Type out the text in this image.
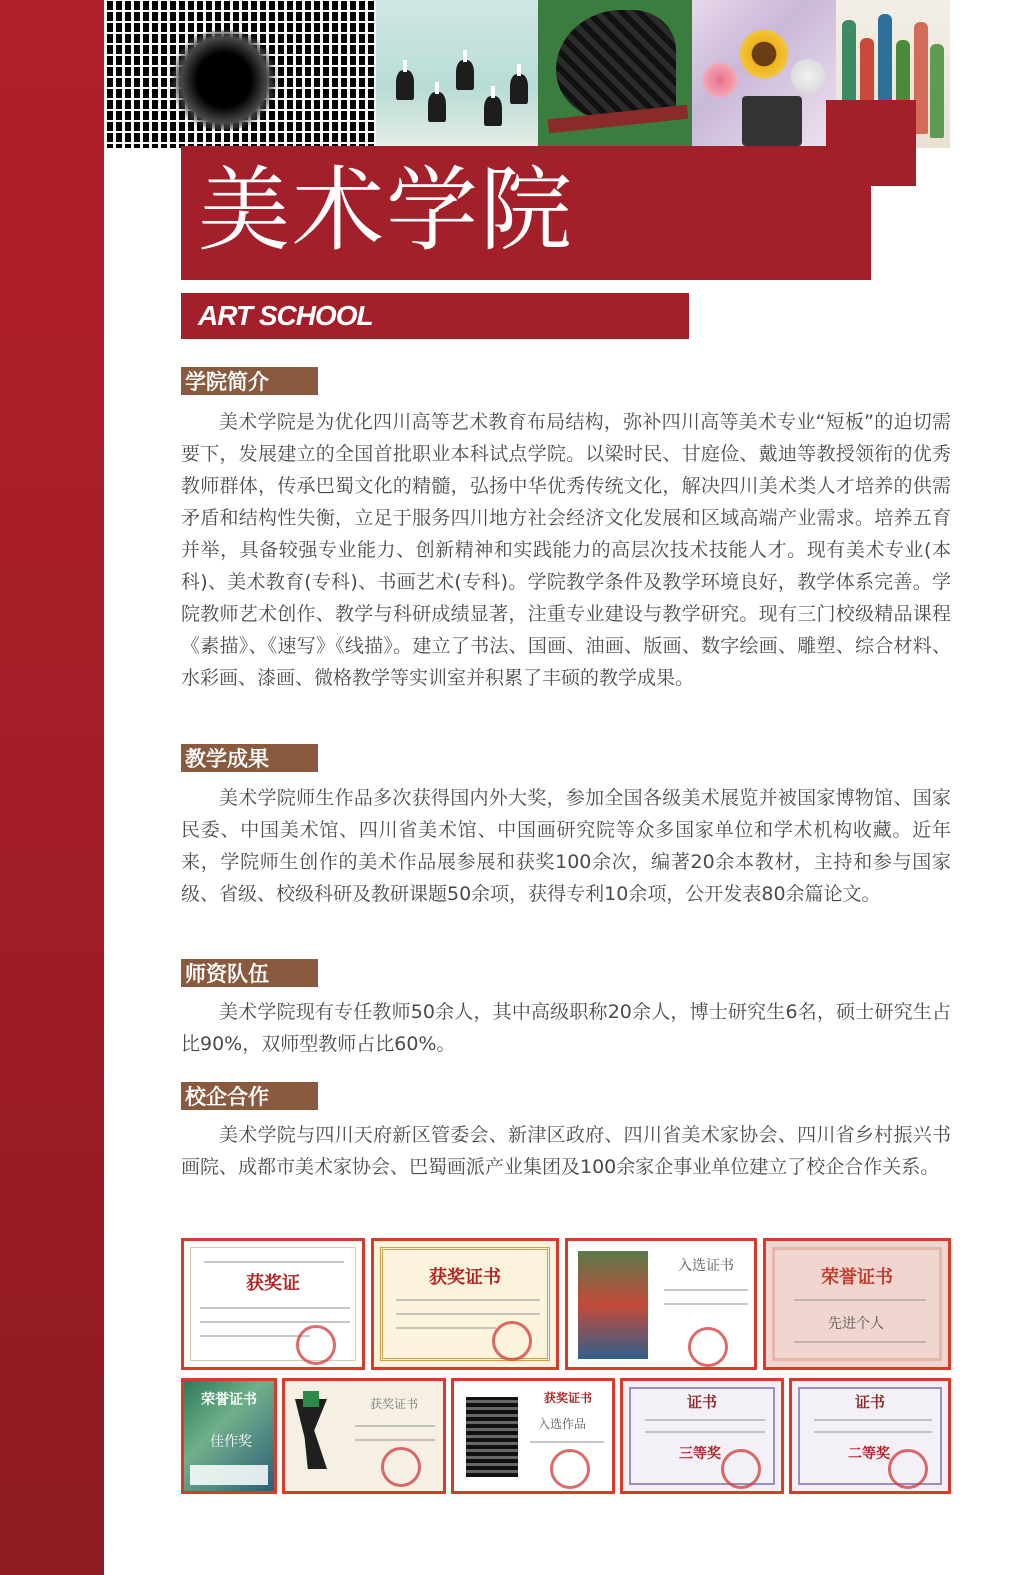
美术学院
ART SCHOOL
学院简介
美术学院是为优化四川高等艺术教育布局结构，弥补四川高等美术专业“短板”的迫切需要下，发展建立的全国首批职业本科试点学院。以梁时民、甘庭俭、戴迪等教授领衔的优秀教师群体，传承巴蜀文化的精髓，弘扬中华优秀传统文化，解决四川美术类人才培养的供需矛盾和结构性失衡，立足于服务四川地方社会经济文化发展和区域高端产业需求。培养五育并举，具备较强专业能力、创新精神和实践能力的高层次技术技能人才。现有美术专业(本科)、美术教育(专科)、书画艺术(专科)。学院教学条件及教学环境良好，教学体系完善。学院教师艺术创作、教学与科研成绩显著，注重专业建设与教学研究。现有三门校级精品课程《素描》、《速写》《线描》。建立了书法、国画、油画、版画、数字绘画、雕塑、综合材料、水彩画、漆画、微格教学等实训室并积累了丰硕的教学成果。
教学成果
美术学院师生作品多次获得国内外大奖，参加全国各级美术展览并被国家博物馆、国家民委、中国美术馆、四川省美术馆、中国画研究院等众多国家单位和学术机构收藏。近年来，学院师生创作的美术作品展参展和获奖100余次，编著20余本教材，主持和参与国家级、省级、校级科研及教研课题50余项，获得专利10余项，公开发表80余篇论文。
师资队伍
美术学院现有专任教师50余人，其中高级职称20余人，博士研究生6名，硕士研究生占比90%，双师型教师占比60%。
校企合作
美术学院与四川天府新区管委会、新津区政府、四川省美术家协会、四川省乡村振兴书画院、成都市美术家协会、巴蜀画派产业集团及100余家企事业单位建立了校企合作关系。
获奖证	获奖证书
入选证书
荣誉证书
先进个人
荣誉证书
佳作奖
获奖证书	获奖证书
入选作品
证书
三等奖
证书
二等奖
